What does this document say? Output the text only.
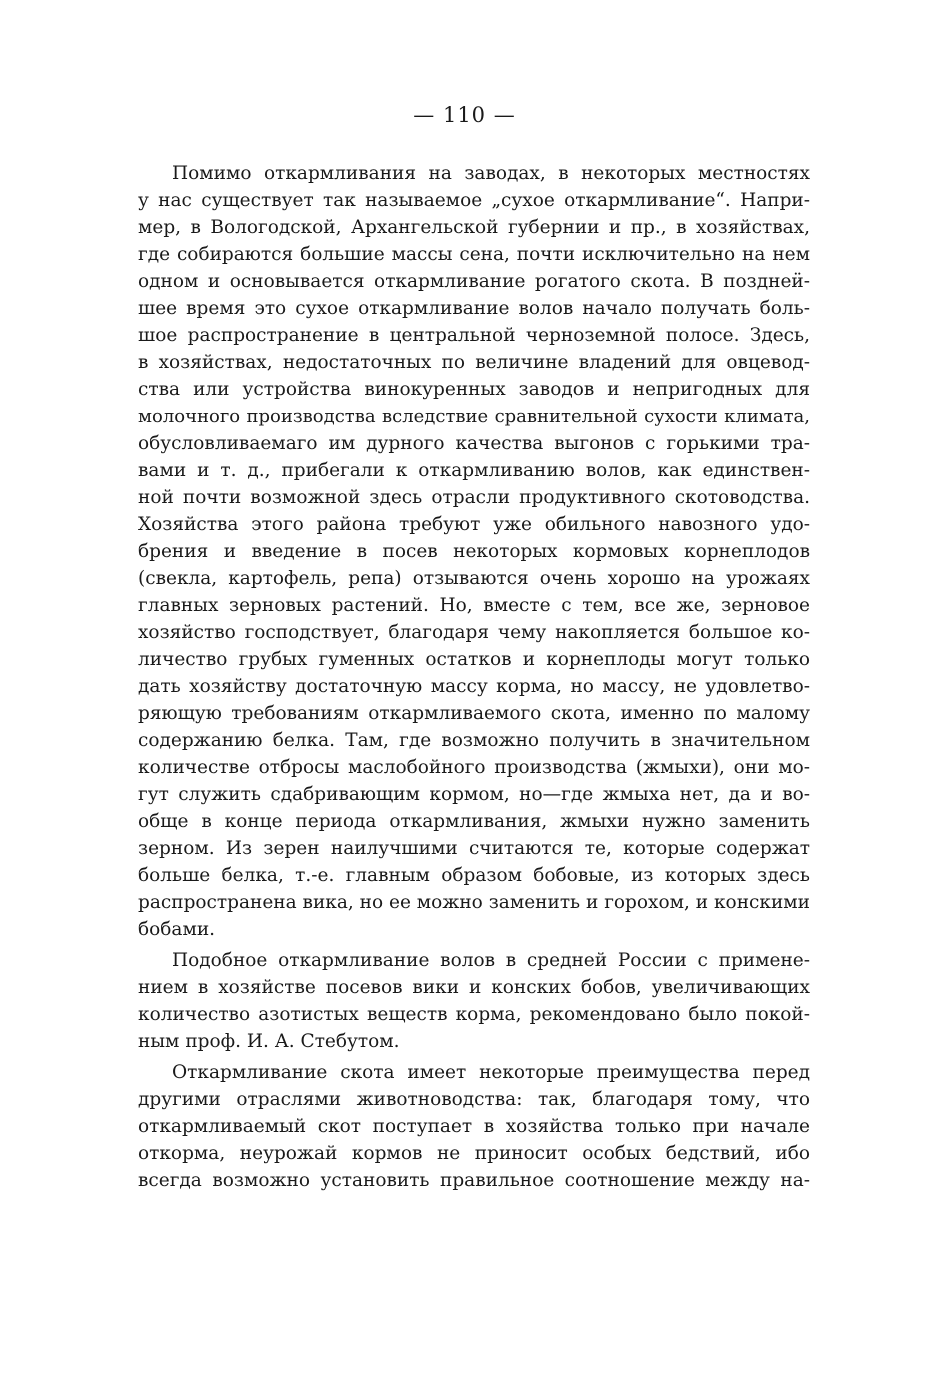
— 110 —
Помимо откармливания на заводах, в некоторых местностях
у нас существует так называемое „сухое откармливание“. Напри-
мер, в Вологодской, Архангельской губернии и пр., в хозяйствах,
где собираются большие массы сена, почти исключительно на нем
одном и основывается откармливание рогатого скота. В позднеӥ-
шее время это сухое откармливание волов начало получать боль-
шое распространение в центральной черноземной полосе. Здесь,
в хозяйствах, недостаточных по величине владений для овцевод-
ства или устройства винокуренных заводов и непригодных для
молочного производства вследствие сравнительной сухости климата,
обусловливаемаго им дурного качества выгонов с горькими тра-
вами и т. д., прибегали к откармливанию волов, как единствен-
ной почти возможной здесь отрасли продуктивного скотоводства.
Хозяйства этого района требуют уже обильного навозного удо-
брения и введение в посев некоторых кормовых корнеплодов
(свекла, картофель, репа) отзываются очень хорошо на урожаях
главных зерновых растений. Но, вместе с тем, все же, зерновое
хозяйство господствует, благодаря чему накопляется большое ко-
личество грубых гуменных остатков и корнеплоды могут только
дать хозяйству достаточную массу корма, но массу, не удовлетво-
ряющую требованиям откармливаемого скота, именно по малому
содержанию белка. Там, где возможно получить в значительном
количестве отбросы маслобойного производства (жмыхи), они мо-
гут служить сдабривающим кормом, но—где жмыха нет, да и во-
обще в конце периода откармливания, жмыхи нужно заменить
зерном. Из зерен наилучшими считаются те, которые содержат
больше белка, т.-е. главным образом бобовые, из которых здесь
распространена вика, но ее можно заменить и горохом, и конскими
бобами.
Подобное откармливание волов в средней России с примене-
нием в хозяйстве посевов вики и конских бобов, увеличивающих
количество азотистых веществ корма, рекомендовано было покой-
ным проф. И. А. Стебутом.
Откармливание скота имеет некоторые преимущества перед
другими отраслями животноводства: так, благодаря тому, что
откармливаемый скот поступает в хозяйства только при начале
откорма, неурожай кормов не приносит особых бедствий, ибо
всегда возможно установить правильное соотношение между на-
